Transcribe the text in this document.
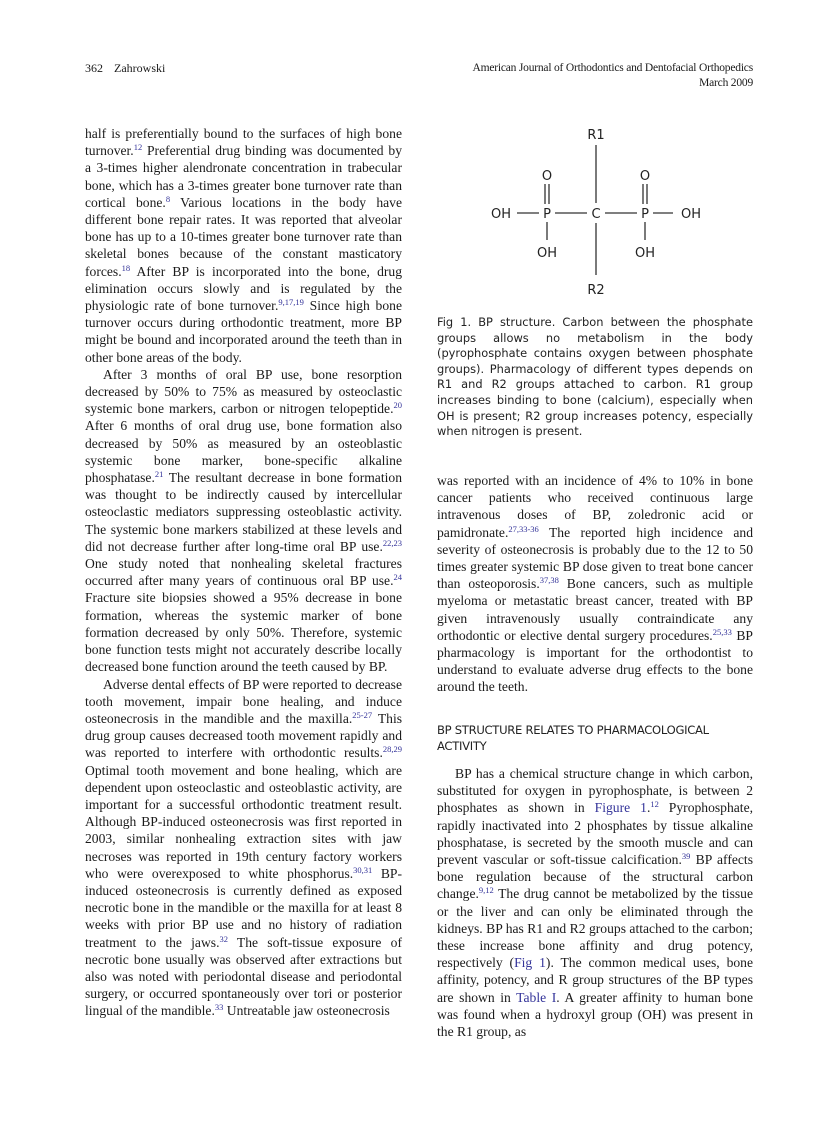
362 Zahrowski	American Journal of Orthodontics and Dentofacial Orthopedics
March 2009

half is preferentially bound to the surfaces of high bone turnover.$^{12}$ Preferential drug binding was documented by a 3-times higher alendronate concentration in trabecular bone, which has a 3-times greater bone turnover rate than cortical bone.$^8$ Various locations in the body have different bone repair rates. It was reported that alveolar bone has up to a 10-times greater bone turnover rate than skeletal bones because of the constant masticatory forces.$^{18}$ After BP is incorporated into the bone, drug elimination occurs slowly and is regulated by the physiologic rate of bone turnover.$^{9,17,19}$ Since high bone turnover occurs during orthodontic treatment, more BP might be bound and incorporated around the teeth than in other bone areas of the body.

After 3 months of oral BP use, bone resorption decreased by 50% to 75% as measured by osteoclastic systemic bone markers, carbon or nitrogen telopeptide.$^{20}$ After 6 months of oral drug use, bone formation also decreased by 50% as measured by an osteoblastic systemic bone marker, bone-specific alkaline phosphatase.$^{21}$ The resultant decrease in bone formation was thought to be indirectly caused by intercellular osteoclastic mediators suppressing osteoblastic activity. The systemic bone markers stabilized at these levels and did not decrease further after long-time oral BP use.$^{22,23}$ One study noted that nonhealing skeletal fractures occurred after many years of continuous oral BP use.$^{24}$ Fracture site biopsies showed a 95% decrease in bone formation, whereas the systemic marker of bone formation decreased by only 50%. Therefore, systemic bone function tests might not accurately describe locally decreased bone function around the teeth caused by BP.

Adverse dental effects of BP were reported to decrease tooth movement, impair bone healing, and induce osteonecrosis in the mandible and the maxilla.$^{25-27}$ This drug group causes decreased tooth movement rapidly and was reported to interfere with orthodontic results.$^{28,29}$ Optimal tooth movement and bone healing, which are dependent upon osteoclastic and osteoblastic activity, are important for a successful orthodontic treatment result. Although BP-induced osteonecrosis was first reported in 2003, similar nonhealing extraction sites with jaw necroses was reported in 19th century factory workers who were overexposed to white phosphorus.$^{30,31}$ BP-induced osteonecrosis is currently defined as exposed necrotic bone in the mandible or the maxilla for at least 8 weeks with prior BP use and no history of radiation treatment to the jaws.$^{32}$ The soft-tissue exposure of necrotic bone usually was observed after extractions but also was noted with periodontal disease and periodontal surgery, or occurred spontaneously over tori or posterior lingual of the mandible.$^{33}$ Untreatable jaw osteonecrosis

R1
O	O
OH P	C	P OH
OH	OH
R2
Fig 1. BP structure. Carbon between the phosphate groups allows no metabolism in the body (pyrophosphate contains oxygen between phosphate groups). Pharmacology of different types depends on R1 and R2 groups attached to carbon. R1 group increases binding to bone (calcium), especially when OH is present; R2 group increases potency, especially when nitrogen is present.

was reported with an incidence of 4% to 10% in bone cancer patients who received continuous large intravenous doses of BP, zoledronic acid or pamidronate.$^{27,33-36}$ The reported high incidence and severity of osteonecrosis is probably due to the 12 to 50 times greater systemic BP dose given to treat bone cancer than osteoporosis.$^{37,38}$ Bone cancers, such as multiple myeloma or metastatic breast cancer, treated with BP given intravenously usually contraindicate any orthodontic or elective dental surgery procedures.$^{25,33}$ BP pharmacology is important for the orthodontist to understand to evaluate adverse drug effects to the bone around the teeth.

BP STRUCTURE RELATES TO PHARMACOLOGICAL ACTIVITY

BP has a chemical structure change in which carbon, substituted for oxygen in pyrophosphate, is between 2 phosphates as shown in Figure 1.12 Pyrophosphate, rapidly inactivated into 2 phosphates by tissue alkaline phosphatase, is secreted by the smooth muscle and can prevent vascular or soft-tissue calcification.$^{39}$ BP affects bone regulation because of the structural carbon change.$^{9,12}$ The drug cannot be metabolized by the tissue or the liver and can only be eliminated through the kidneys. BP has R1 and R2 groups attached to the carbon; these increase bone affinity and drug potency, respectively (Fig 1). The common medical uses, bone affinity, potency, and R group structures of the BP types are shown in Table I. A greater affinity to human bone was found when a hydroxyl group (OH) was present in the R1 group, as
